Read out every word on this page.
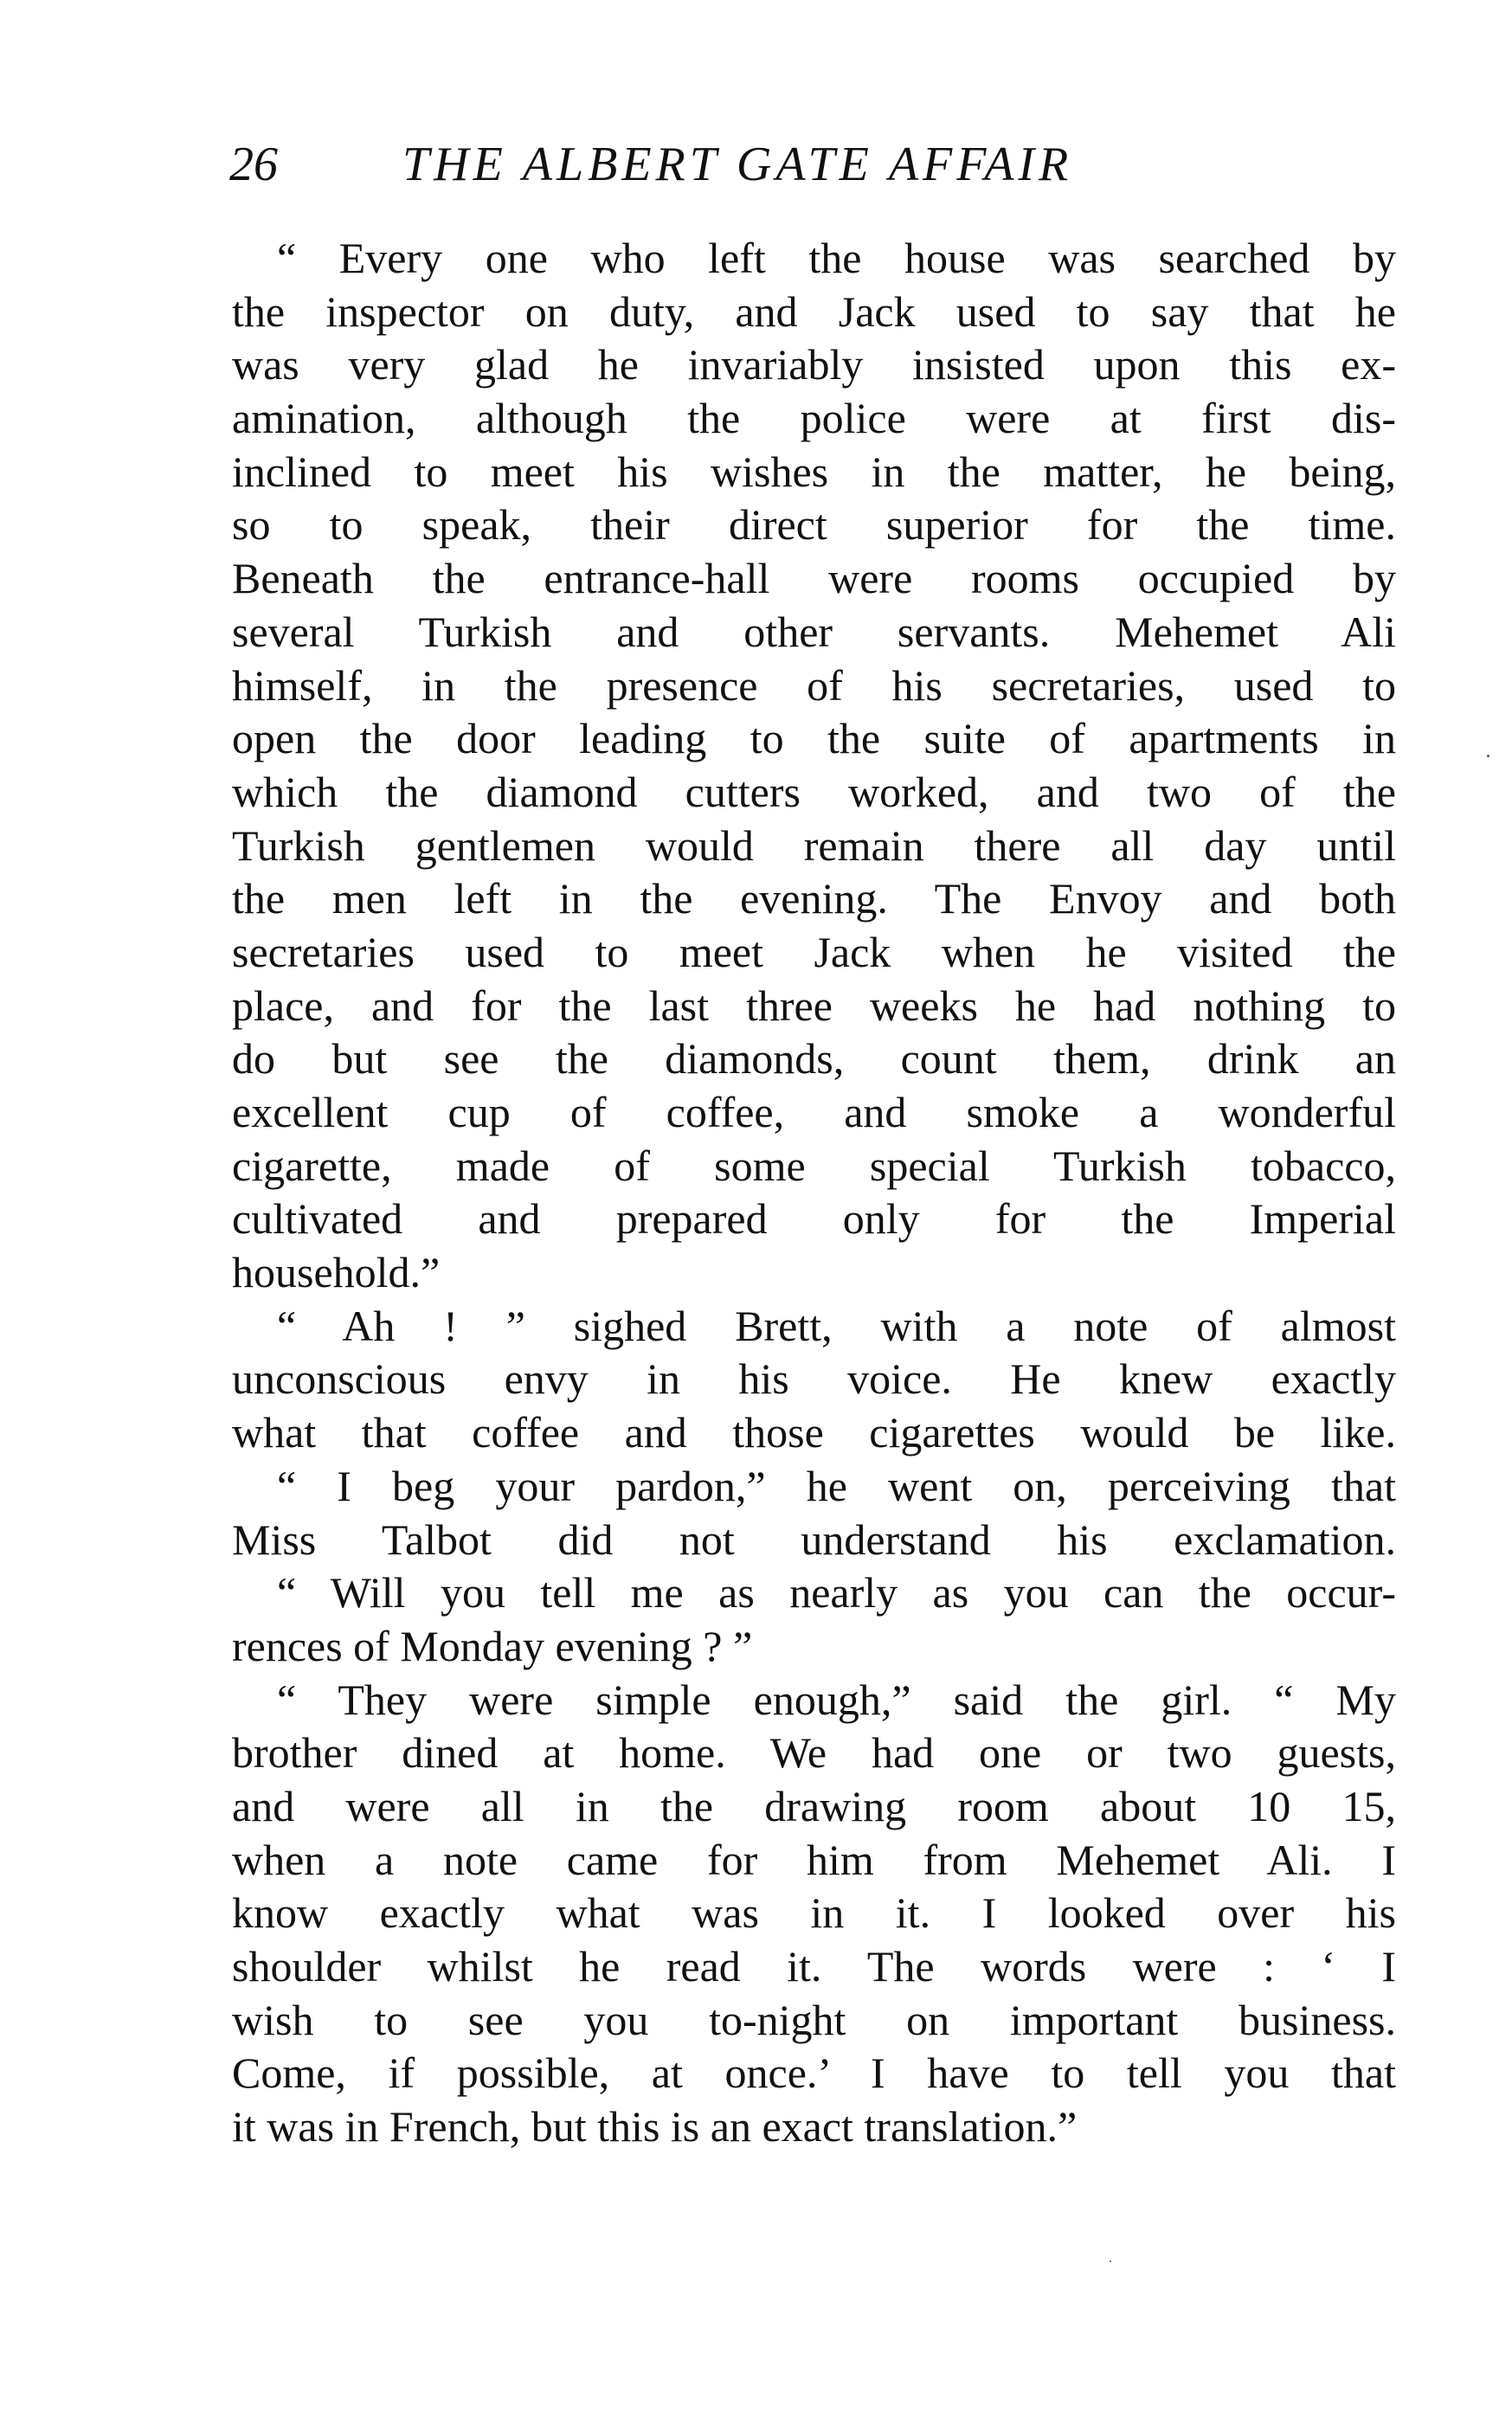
26	THE ALBERT GATE AFFAIR
“ Every one who left the house was searched by
the inspector on duty, and Jack used to say that he
was very glad he invariably insisted upon this ex-
amination, although the police were at first dis-
inclined to meet his wishes in the matter, he being,
so to speak, their direct superior for the time.
Beneath the entrance-hall were rooms occupied by
several Turkish and other servants. Mehemet Ali
himself, in the presence of his secretaries, used to
open the door leading to the suite of apartments in
which the diamond cutters worked, and two of the
Turkish gentlemen would remain there all day until
the men left in the evening. The Envoy and both
secretaries used to meet Jack when he visited the
place, and for the last three weeks he had nothing to
do but see the diamonds, count them, drink an
excellent cup of coffee, and smoke a wonderful
cigarette, made of some special Turkish tobacco,
cultivated and prepared only for the Imperial
household.”
“ Ah ! ” sighed Brett, with a note of almost
unconscious envy in his voice. He knew exactly
what that coffee and those cigarettes would be like.
“ I beg your pardon,” he went on, perceiving that
Miss Talbot did not understand his exclamation.
“ Will you tell me as nearly as you can the occur-
rences of Monday evening ? ”
“ They were simple enough,” said the girl. “ My
brother dined at home. We had one or two guests,
and were all in the drawing room about 10 15,
when a note came for him from Mehemet Ali. I
know exactly what was in it. I looked over his
shoulder whilst he read it. The words were : ‘ I
wish to see you to-night on important business.
Come, if possible, at once.’ I have to tell you that
it was in French, but this is an exact translation.”
